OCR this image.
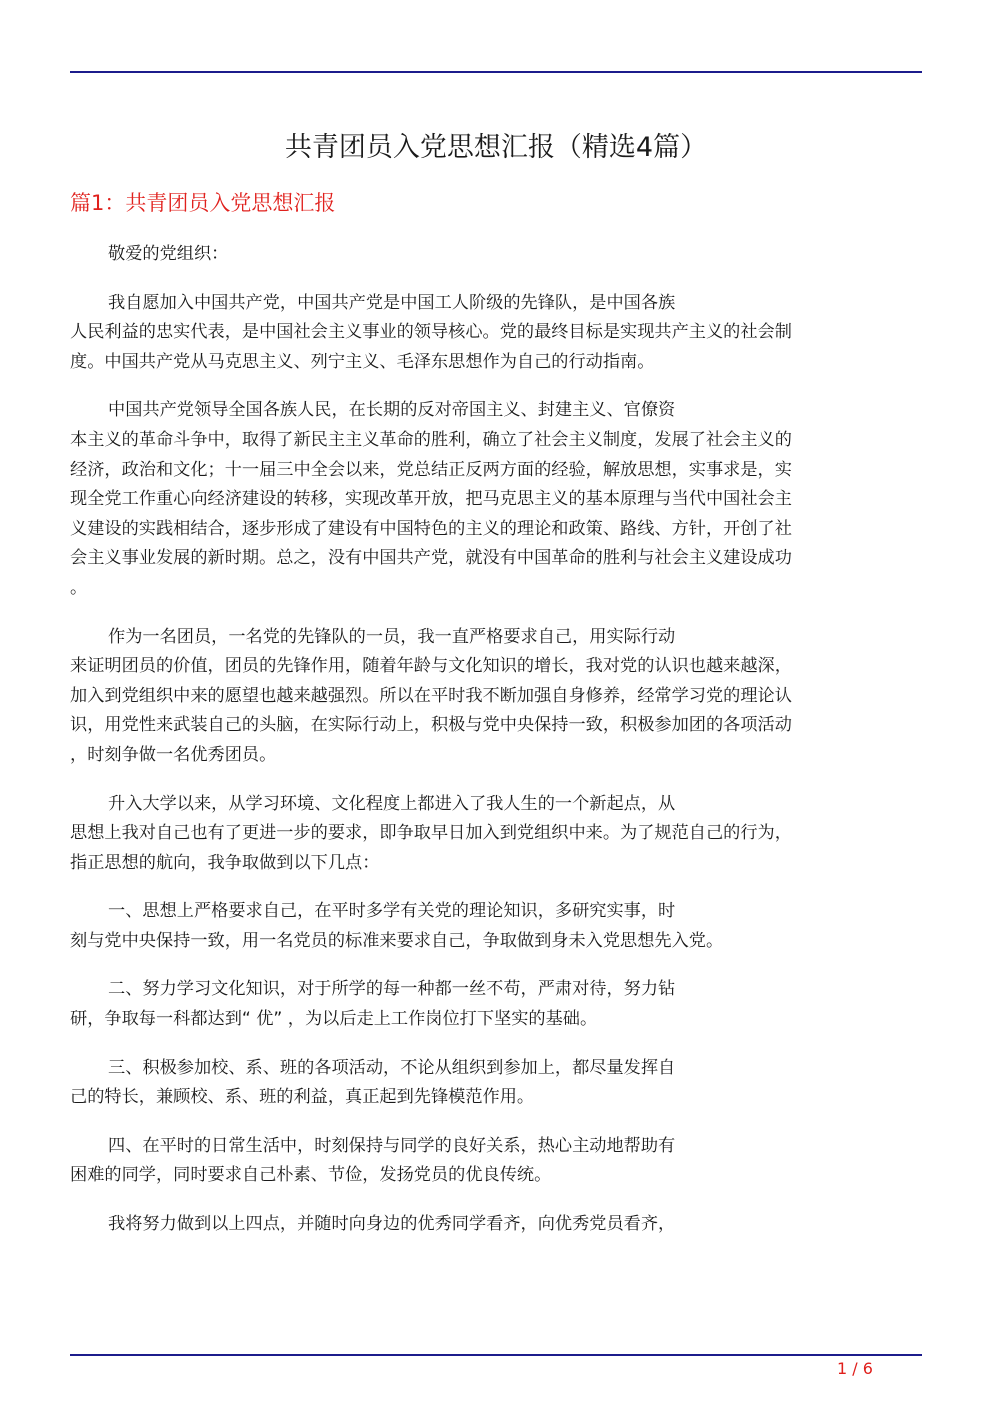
共青团员入党思想汇报（精选4篇）
篇1：共青团员入党思想汇报

敬爱的党组织：

我自愿加入中国共产党，中国共产党是中国工人阶级的先锋队，是中国各族
人民利益的忠实代表，是中国社会主义事业的领导核心。党的最终目标是实现共产主义的社会制
度。中国共产党从马克思主义、列宁主义、毛泽东思想作为自己的行动指南。

中国共产党领导全国各族人民，在长期的反对帝国主义、封建主义、官僚资
本主义的革命斗争中，取得了新民主主义革命的胜利，确立了社会主义制度，发展了社会主义的
经济，政治和文化；十一届三中全会以来，党总结正反两方面的经验，解放思想，实事求是，实
现全党工作重心向经济建设的转移，实现改革开放，把马克思主义的基本原理与当代中国社会主
义建设的实践相结合，逐步形成了建设有中国特色的主义的理论和政策、路线、方针，开创了社
会主义事业发展的新时期。总之，没有中国共产党，就没有中国革命的胜利与社会主义建设成功
。

作为一名团员，一名党的先锋队的一员，我一直严格要求自己，用实际行动
来证明团员的价值，团员的先锋作用，随着年龄与文化知识的增长，我对党的认识也越来越深，
加入到党组织中来的愿望也越来越强烈。所以在平时我不断加强自身修养，经常学习党的理论认
识，用党性来武装自己的头脑，在实际行动上，积极与党中央保持一致，积极参加团的各项活动
，时刻争做一名优秀团员。

升入大学以来，从学习环境、文化程度上都进入了我人生的一个新起点，从
思想上我对自己也有了更进一步的要求，即争取早日加入到党组织中来。为了规范自己的行为，
指正思想的航向，我争取做到以下几点：

一、思想上严格要求自己，在平时多学有关党的理论知识，多研究实事，时
刻与党中央保持一致，用一名党员的标准来要求自己，争取做到身未入党思想先入党。

二、努力学习文化知识，对于所学的每一种都一丝不苟，严肃对待，努力钻
研，争取每一科都达到“ 优” ，为以后走上工作岗位打下坚实的基础。

三、积极参加校、系、班的各项活动，不论从组织到参加上，都尽量发挥自
己的特长，兼顾校、系、班的利益，真正起到先锋模范作用。

四、在平时的日常生活中，时刻保持与同学的良好关系，热心主动地帮助有
困难的同学，同时要求自己朴素、节俭，发扬党员的优良传统。

我将努力做到以上四点，并随时向身边的优秀同学看齐，向优秀党员看齐，

1 / 6
